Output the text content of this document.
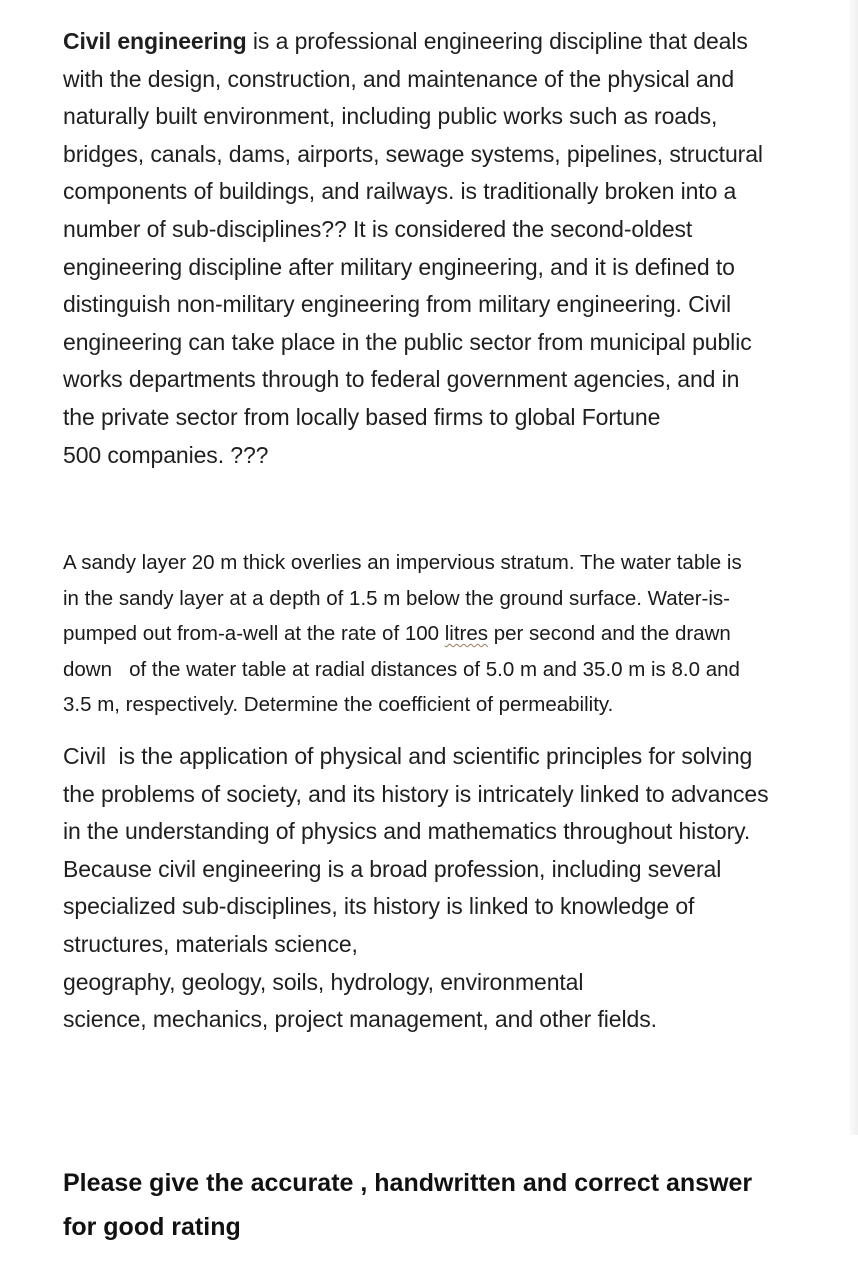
Civil engineering is a professional engineering discipline that deals
with the design, construction, and maintenance of the physical and
naturally built environment, including public works such as roads,
bridges, canals, dams, airports, sewage systems, pipelines, structural
components of buildings, and railways. is traditionally broken into a
number of sub-disciplines?? It is considered the second-oldest
engineering discipline after military engineering, and it is defined to
distinguish non-military engineering from military engineering. Civil
engineering can take place in the public sector from municipal public
works departments through to federal government agencies, and in
the private sector from locally based firms to global Fortune
500 companies. ???
A sandy layer 20 m thick overlies an impervious stratum. The water table is
in the sandy layer at a depth of 1.5 m below the ground surface. Water-is-
pumped out from-a-well at the rate of 100 litres per second and the drawn
down   of the water table at radial distances of 5.0 m and 35.0 m is 8.0 and
3.5 m, respectively. Determine the coefficient of permeability.
Civil  is the application of physical and scientific principles for solving
the problems of society, and its history is intricately linked to advances
in the understanding of physics and mathematics throughout history.
Because civil engineering is a broad profession, including several
specialized sub-disciplines, its history is linked to knowledge of
structures, materials science,
geography, geology, soils, hydrology, environmental
science, mechanics, project management, and other fields.
Please give the accurate , handwritten and correct answer
for good rating
